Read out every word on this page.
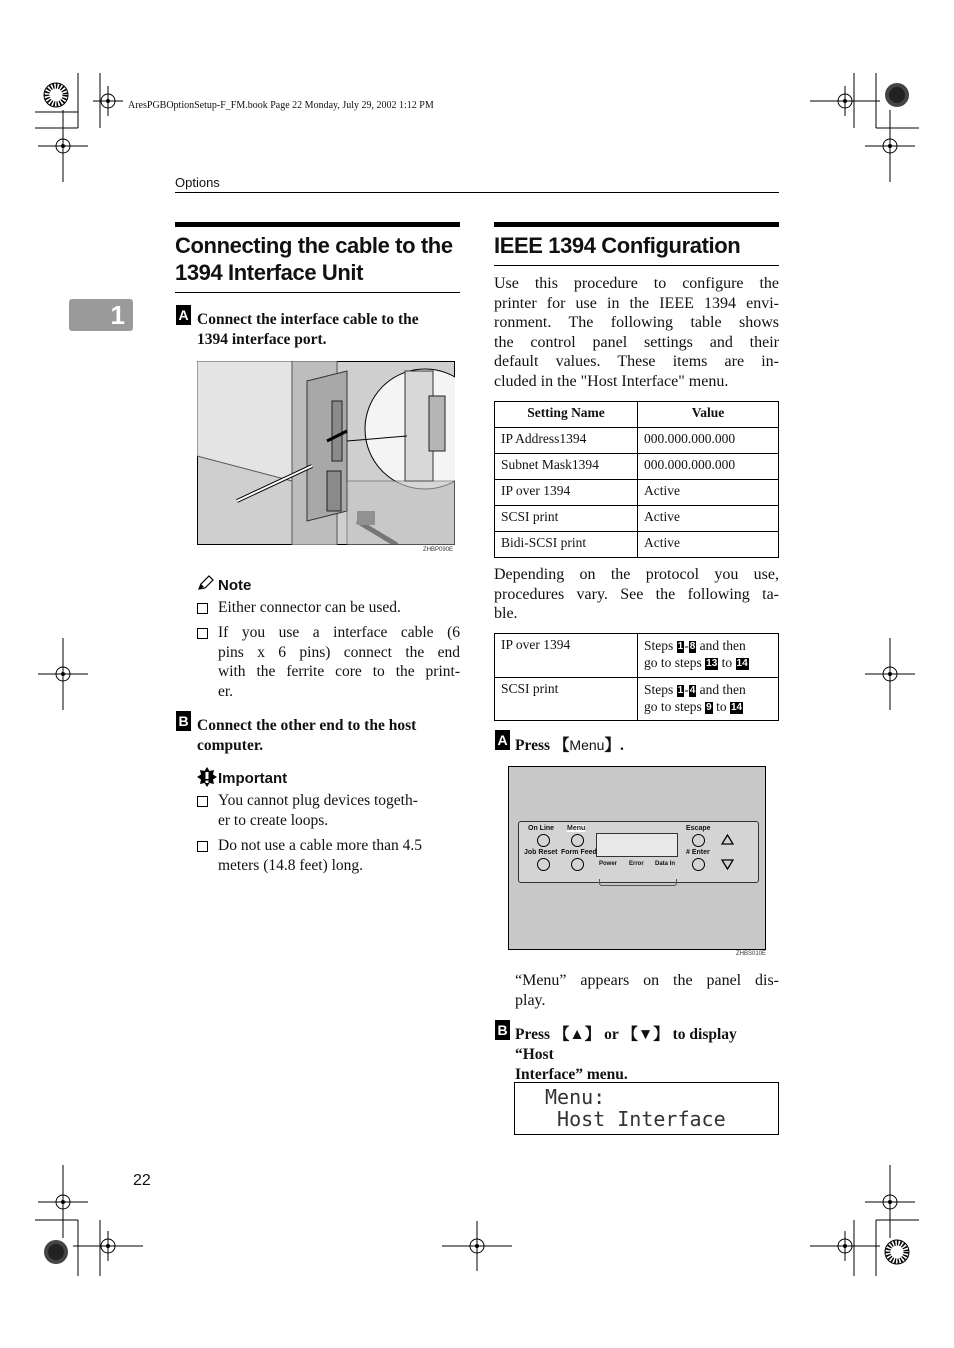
AresPGBOptionSetup-F_FM.book Page 22 Monday, July 29, 2002 1:12 PM
Options
1
Connecting the cable to the
1394 Interface Unit
A Connect the interface cable to the
1394 interface port.
ZHBP090E
Note
Either connector can be used.
If you use a interface cable (6
pins x 6 pins) connect the end
with the ferrite core to the print-
er.
B Connect the other end to the host
computer.
Important
You cannot plug devices togeth-
er to create loops.
Do not use a cable more than 4.5
meters (14.8 feet) long.
IEEE 1394 Configuration
Use this procedure to configure the
printer for use in the IEEE 1394 envi-
ronment. The following table shows
the control panel settings and their
default values. These items are in-
cluded in the "Host Interface" menu.
Setting Name	Value
IP Address1394	000.000.000.000
Subnet Mask1394	000.000.000.000
IP over 1394	Active
SCSI print	Active
Bidi-SCSI print	Active
Depending on the protocol you use,
procedures vary. See the following ta-
ble.
IP over 1394	Steps 1-8 and then
go to steps 13 to 14

SCSI print	Steps 1-4 and then
go to steps 9 to 14
A Press 【Menu】.
On Line Menu	Escape
Job Reset Form Feed	# Enter
Power Error Data In
ZHBS010E
“Menu” appears on the panel dis-
play.
B Press 【▲】 or 【▼】 to display “Host
Interface” menu.
Menu:
Host Interface
22
